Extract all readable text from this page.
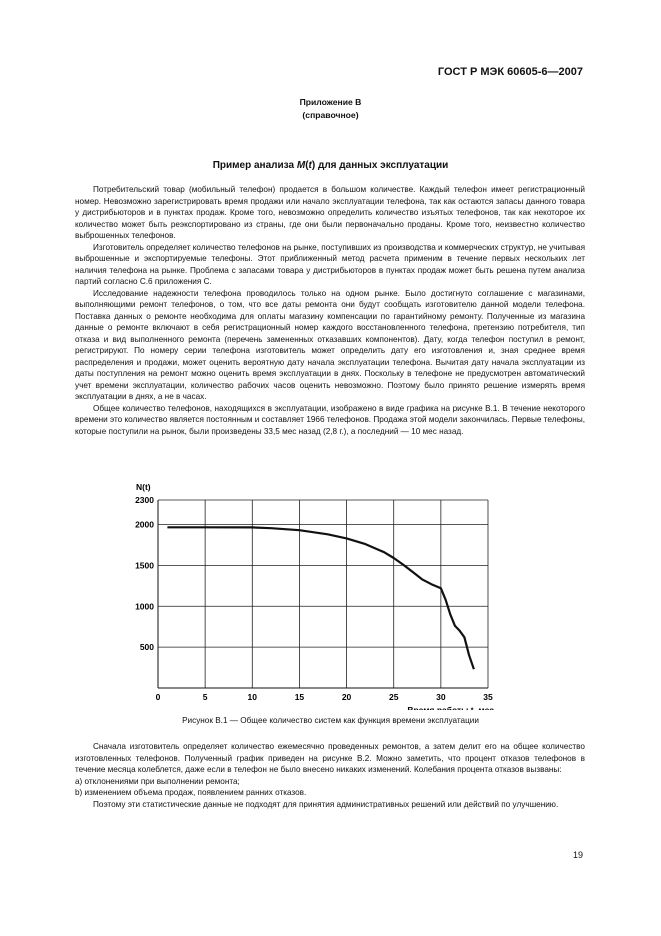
ГОСТ Р МЭК 60605-6—2007
Приложение В
(справочное)
Пример анализа M(t) для данных эксплуатации

Потребительский товар (мобильный телефон) продается в большом количестве. Каждый телефон имеет регистрационный номер. Невозможно зарегистрировать время продажи или начало эксплуатации телефона, так как остаются запасы данного товара у дистрибьюторов и в пунктах продаж. Кроме того, невозможно определить количество изъятых телефонов, так как некоторое их количество может быть реэкспортировано из страны, где они были первоначально проданы. Кроме того, неизвестно количество выброшенных телефонов.

Изготовитель определяет количество телефонов на рынке, поступивших из производства и коммерческих структур, не учитывая выброшенные и экспортируемые телефоны. Этот приближенный метод расчета применим в течение первых нескольких лет наличия телефона на рынке. Проблема с запасами товара у дистрибьюторов в пунктах продаж может быть решена путем анализа партий согласно С.6 приложения С.

Исследование надежности телефона проводилось только на одном рынке. Было достигнуто соглашение с магазинами, выполняющими ремонт телефонов, о том, что все даты ремонта они будут сообщать изготовителю данной модели телефона. Поставка данных о ремонте необходима для оплаты магазину компенсации по гарантийному ремонту. Полученные из магазина данные о ремонте включают в себя регистрационный номер каждого восстановленного телефона, претензию потребителя, тип отказа и вид выполненного ремонта (перечень замененных отказавших компонентов). Дату, когда телефон поступил в ремонт, регистрируют. По номеру серии телефона изготовитель может определить дату его изготовления и, зная среднее время распределения и продажи, может оценить вероятную дату начала эксплуатации телефона. Вычитая дату начала эксплуатации из даты поступления на ремонт можно оценить время эксплуатации в днях. Поскольку в телефоне не предусмотрен автоматический учет времени эксплуатации, количество рабочих часов оценить невозможно. Поэтому было принято решение измерять время эксплуатации в днях, а не в часах.

Общее количество телефонов, находящихся в эксплуатации, изображено в виде графика на рисунке В.1. В течение некоторого времени это количество является постоянным и составляет 1966 телефонов. Продажа этой модели закончилась. Первые телефоны, которые поступили на рынок, были произведены 33,5 мес назад (2,8 г.), а последний — 10 мес назад.

0	5	10	15	20	25	30	35
500
1000
1500
2000
2300
N(t)
Время работы t, мес
Рисунок В.1 — Общее количество систем как функция времени эксплуатации

Сначала изготовитель определяет количество ежемесячно проведенных ремонтов, а затем делит его на общее количество изготовленных телефонов. Полученный график приведен на рисунке В.2. Можно заметить, что процент отказов телефонов в течение месяца колеблется, даже если в телефон не было внесено никаких изменений. Колебания процента отказов вызваны:

a) отклонениями при выполнении ремонта;

b) изменением объема продаж, появлением ранних отказов.

Поэтому эти статистические данные не подходят для принятия административных решений или действий по улучшению.

19
